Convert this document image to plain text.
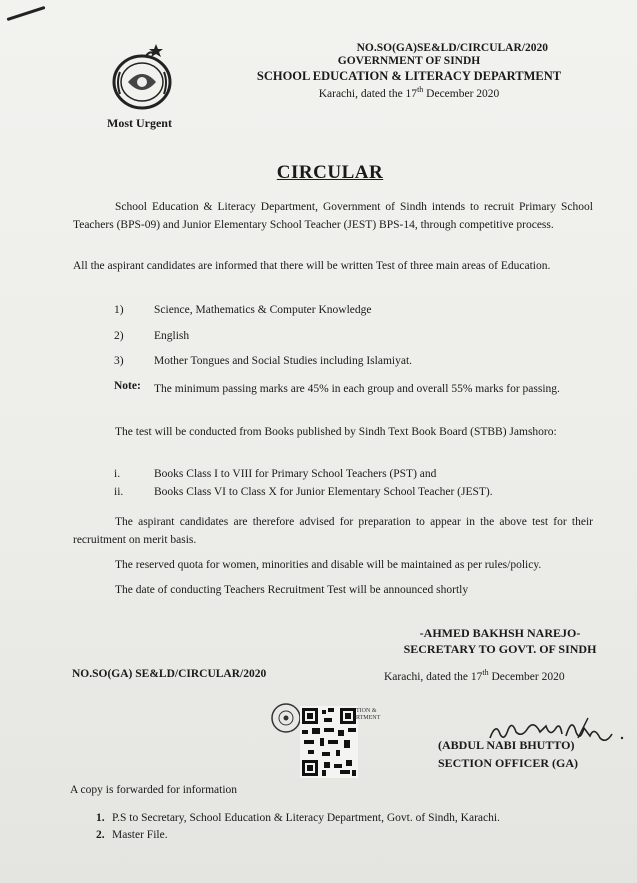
Most Urgent
NO.SO(GA)SE&LD/CIRCULAR/2020
GOVERNMENT OF SINDH
SCHOOL EDUCATION & LITERACY DEPARTMENT
Karachi, dated the 17th December 2020
CIRCULAR
School Education & Literacy Department, Government of Sindh intends to recruit Primary School Teachers (BPS-09) and Junior Elementary School Teacher (JEST) BPS-14, through competitive process.
All the aspirant candidates are informed that there will be written Test of three main areas of Education.
1)	Science, Mathematics & Computer Knowledge
2)	English
3)	Mother Tongues and Social Studies including Islamiyat.
Note: The minimum passing marks are 45% in each group and overall 55% marks for passing.
The test will be conducted from Books published by Sindh Text Book Board (STBB) Jamshoro:
i.	Books Class I to VIII for Primary School Teachers (PST) and
ii.	Books Class VI to Class X for Junior Elementary School Teacher (JEST).
The aspirant candidates are therefore advised for preparation to appear in the above test for their recruitment on merit basis.
The reserved quota for women, minorities and disable will be maintained as per rules/policy.
The date of conducting Teachers Recruitment Test will be announced shortly
-AHMED BAKHSH NAREJO-
SECRETARY TO GOVT. OF SINDH
NO.SO(GA) SE&LD/CIRCULAR/2020	Karachi, dated the 17th December 2020
TION &
RTMENT
(ABDUL NABI BHUTTO)
SECTION OFFICER (GA)
A copy is forwarded for information
1. P.S to Secretary, School Education & Literacy Department, Govt. of Sindh, Karachi.
2. Master File.
